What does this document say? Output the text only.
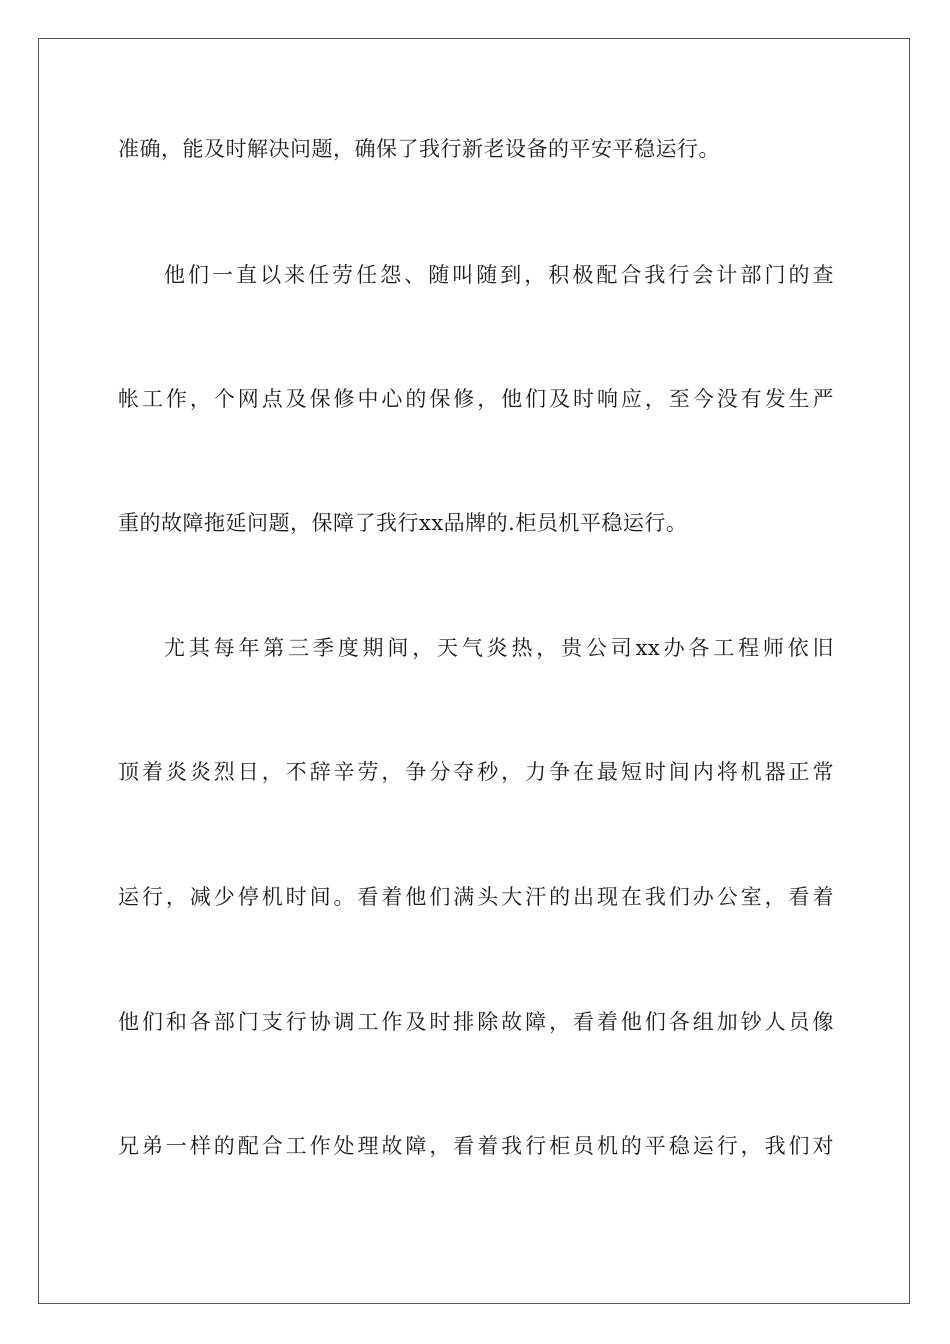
准确，能及时解决问题，确保了我行新老设备的平安平稳运行。
他们一直以来任劳任怨、随叫随到，积极配合我行会计部门的查
帐工作，个网点及保修中心的保修，他们及时响应，至今没有发生严
重的故障拖延问题，保障了我行xx品牌的.柜员机平稳运行。
尤其每年第三季度期间，天气炎热，贵公司xx办各工程师依旧
顶着炎炎烈日，不辞辛劳，争分夺秒，力争在最短时间内将机器正常
运行，减少停机时间。看着他们满头大汗的出现在我们办公室，看着
他们和各部门支行协调工作及时排除故障，看着他们各组加钞人员像
兄弟一样的配合工作处理故障，看着我行柜员机的平稳运行，我们对
